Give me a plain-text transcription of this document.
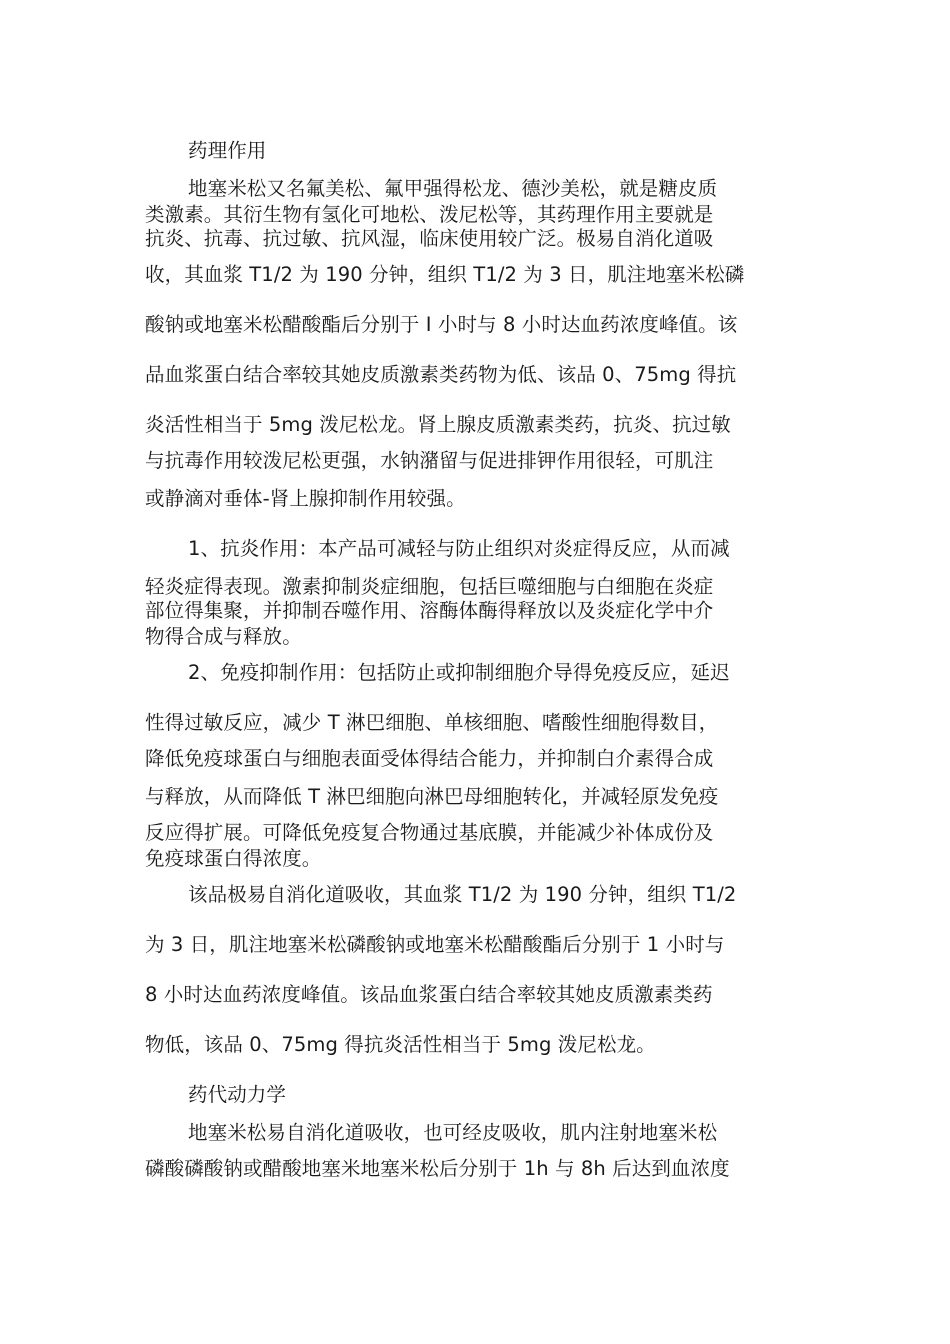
药理作用
地塞米松又名氟美松、氟甲强得松龙、德沙美松，就是糖皮质
类激素。其衍生物有氢化可地松、泼尼松等，其药理作用主要就是
抗炎、抗毒、抗过敏、抗风湿，临床使用较广泛。极易自消化道吸
收，其血浆 T1/2 为 190 分钟，组织 T1/2 为 3 日，肌注地塞米松磷
酸钠或地塞米松醋酸酯后分别于 I 小时与 8 小时达血药浓度峰值。该
品血浆蛋白结合率较其她皮质激素类药物为低、该品 0、75mg 得抗
炎活性相当于 5mg 泼尼松龙。肾上腺皮质激素类药，抗炎、抗过敏
与抗毒作用较泼尼松更强，水钠潴留与促进排钾作用很轻，可肌注
或静滴对垂体-肾上腺抑制作用较强。
1、抗炎作用：本产品可减轻与防止组织对炎症得反应，从而减
轻炎症得表现。激素抑制炎症细胞，包括巨噬细胞与白细胞在炎症
部位得集聚，并抑制吞噬作用、溶酶体酶得释放以及炎症化学中介
物得合成与释放。
2、免疫抑制作用：包括防止或抑制细胞介导得免疫反应，延迟
性得过敏反应，减少 T 淋巴细胞、单核细胞、嗜酸性细胞得数目，
降低免疫球蛋白与细胞表面受体得结合能力，并抑制白介素得合成
与释放，从而降低 T 淋巴细胞向淋巴母细胞转化，并减轻原发免疫
反应得扩展。可降低免疫复合物通过基底膜，并能减少补体成份及
免疫球蛋白得浓度。
该品极易自消化道吸收，其血浆 T1/2 为 190 分钟，组织 T1/2
为 3 日，肌注地塞米松磷酸钠或地塞米松醋酸酯后分别于 1 小时与
8 小时达血药浓度峰值。该品血浆蛋白结合率较其她皮质激素类药
物低，该品 0、75mg 得抗炎活性相当于 5mg 泼尼松龙。
药代动力学
地塞米松易自消化道吸收，也可经皮吸收，肌内注射地塞米松
磷酸磷酸钠或醋酸地塞米地塞米松后分别于 1h 与 8h 后达到血浓度
